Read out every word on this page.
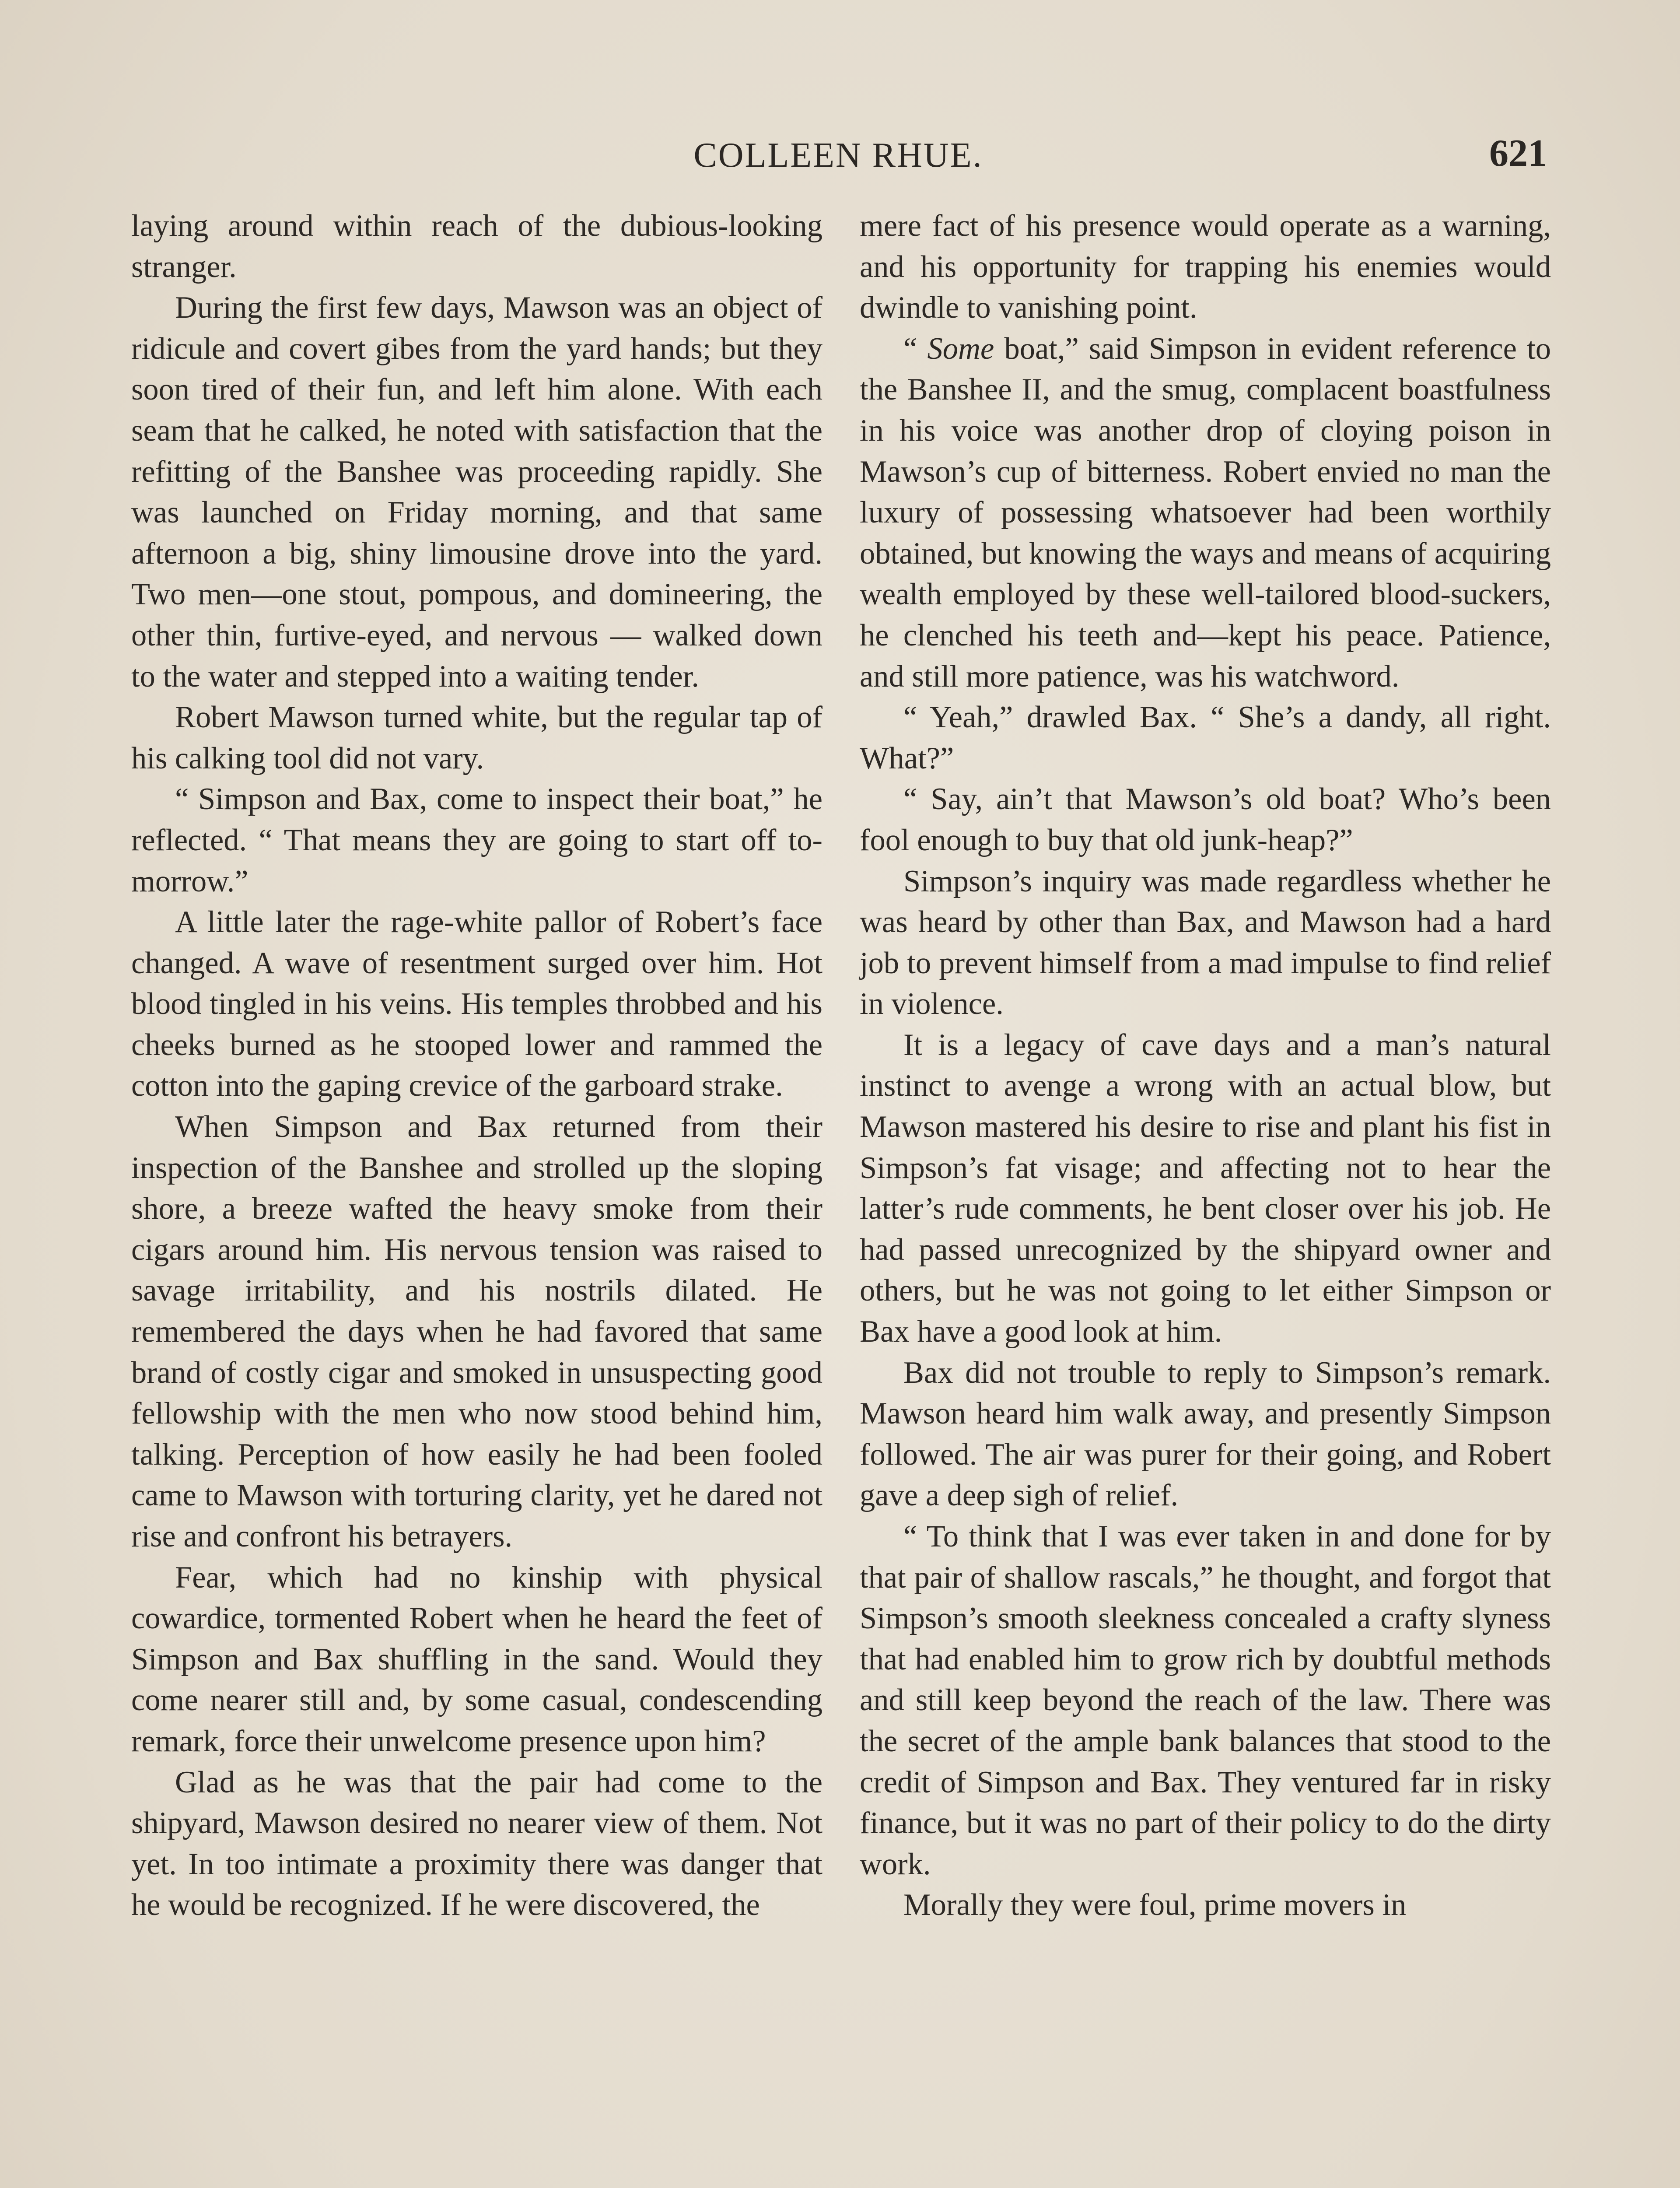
COLLEEN RHUE.	621

laying around within reach of the dubious-looking stranger.

During the first few days, Mawson was an object of ridicule and covert gibes from the yard hands; but they soon tired of their fun, and left him alone. With each seam that he calked, he noted with satisfaction that the refitting of the Banshee was proceeding rapidly. She was launched on Friday morning, and that same afternoon a big, shiny limousine drove into the yard. Two men—one stout, pompous, and domineering, the other thin, furtive-eyed, and nervous — walked down to the water and stepped into a waiting tender.

Robert Mawson turned white, but the regular tap of his calking tool did not vary.

“ Simpson and Bax, come to inspect their boat,” he reflected. “ That means they are going to start off to-morrow.”

A little later the rage-white pallor of Robert’s face changed. A wave of resentment surged over him. Hot blood tingled in his veins. His temples throbbed and his cheeks burned as he stooped lower and rammed the cotton into the gaping crevice of the garboard strake.

When Simpson and Bax returned from their inspection of the Banshee and strolled up the sloping shore, a breeze wafted the heavy smoke from their cigars around him. His nervous tension was raised to savage irritability, and his nostrils dilated. He remembered the days when he had favored that same brand of costly cigar and smoked in unsuspecting good fellowship with the men who now stood behind him, talking. Perception of how easily he had been fooled came to Mawson with torturing clarity, yet he dared not rise and confront his betrayers.

Fear, which had no kinship with physical cowardice, tormented Robert when he heard the feet of Simpson and Bax shuffling in the sand. Would they come nearer still and, by some casual, condescending remark, force their unwelcome presence upon him?

Glad as he was that the pair had come to the shipyard, Mawson desired no nearer view of them. Not yet. In too intimate a proximity there was danger that he would be recognized. If he were discovered, the

mere fact of his presence would operate as a warning, and his opportunity for trapping his enemies would dwindle to vanishing point.

“ Some boat,” said Simpson in evident reference to the Banshee II, and the smug, complacent boastfulness in his voice was another drop of cloying poison in Mawson’s cup of bitterness. Robert envied no man the luxury of possessing whatsoever had been worthily obtained, but knowing the ways and means of acquiring wealth employed by these well-tailored blood-suckers, he clenched his teeth and—kept his peace. Patience, and still more patience, was his watchword.

“ Yeah,” drawled Bax. “ She’s a dandy, all right. What?”

“ Say, ain’t that Mawson’s old boat? Who’s been fool enough to buy that old junk-heap?”

Simpson’s inquiry was made regardless whether he was heard by other than Bax, and Mawson had a hard job to prevent himself from a mad impulse to find relief in violence.

It is a legacy of cave days and a man’s natural instinct to avenge a wrong with an actual blow, but Mawson mastered his desire to rise and plant his fist in Simpson’s fat visage; and affecting not to hear the latter’s rude comments, he bent closer over his job. He had passed unrecognized by the shipyard owner and others, but he was not going to let either Simpson or Bax have a good look at him.

Bax did not trouble to reply to Simpson’s remark. Mawson heard him walk away, and presently Simpson followed. The air was purer for their going, and Robert gave a deep sigh of relief.

“ To think that I was ever taken in and done for by that pair of shallow rascals,” he thought, and forgot that Simpson’s smooth sleekness concealed a crafty slyness that had enabled him to grow rich by doubtful methods and still keep beyond the reach of the law. There was the secret of the ample bank balances that stood to the credit of Simpson and Bax. They ventured far in risky finance, but it was no part of their policy to do the dirty work.

Morally they were foul, prime movers in
